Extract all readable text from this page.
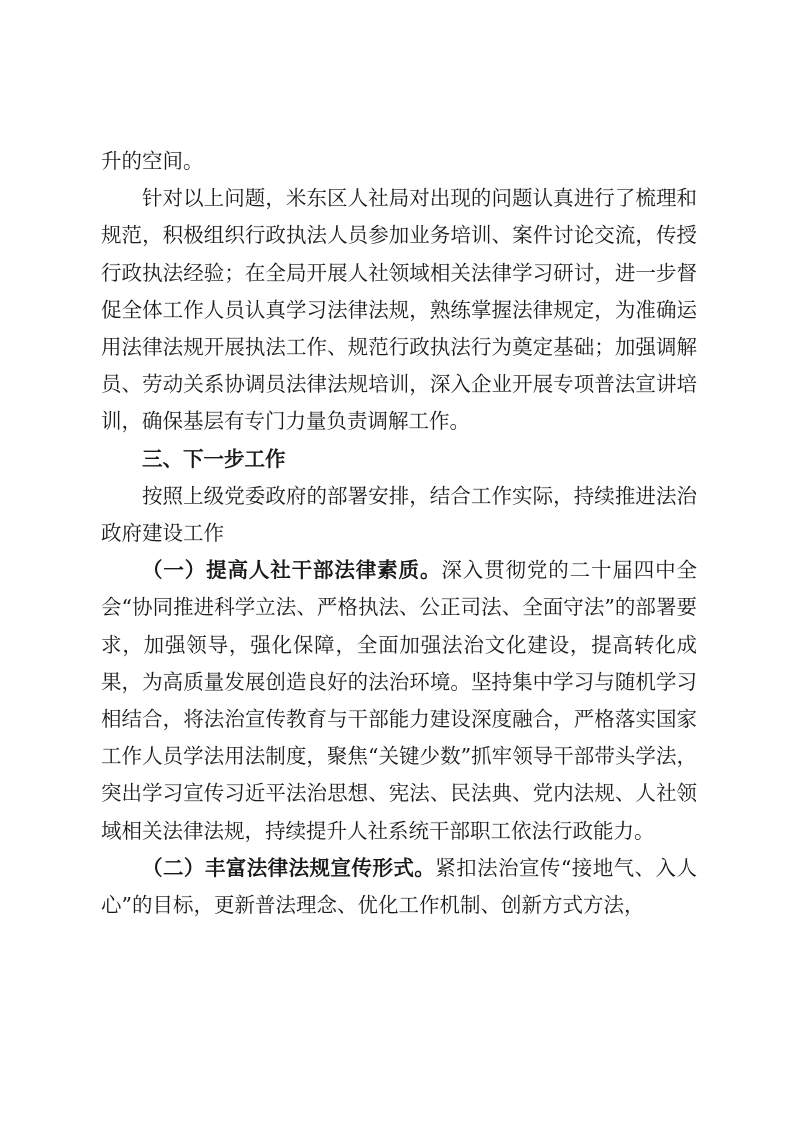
升的空间。

针对以上问题，米东区人社局对出现的问题认真进行了梳理和规范，积极组织行政执法人员参加业务培训、案件讨论交流，传授行政执法经验；在全局开展人社领域相关法律学习研讨，进一步督促全体工作人员认真学习法律法规，熟练掌握法律规定，为准确运用法律法规开展执法工作、规范行政执法行为奠定基础；加强调解员、劳动关系协调员法律法规培训，深入企业开展专项普法宣讲培训，确保基层有专门力量负责调解工作。

三、下一步工作

按照上级党委政府的部署安排，结合工作实际，持续推进法治政府建设工作

（一）提高人社干部法律素质。深入贯彻党的二十届四中全会“协同推进科学立法、严格执法、公正司法、全面守法”的部署要求，加强领导，强化保障，全面加强法治文化建设，提高转化成果，为高质量发展创造良好的法治环境。坚持集中学习与随机学习相结合，将法治宣传教育与干部能力建设深度融合，严格落实国家工作人员学法用法制度，聚焦“关键少数”抓牢领导干部带头学法，突出学习宣传习近平法治思想、宪法、民法典、党内法规、人社领域相关法律法规，持续提升人社系统干部职工依法行政能力。

（二）丰富法律法规宣传形式。紧扣法治宣传“接地气、入人心”的目标，更新普法理念、优化工作机制、创新方式方法，
